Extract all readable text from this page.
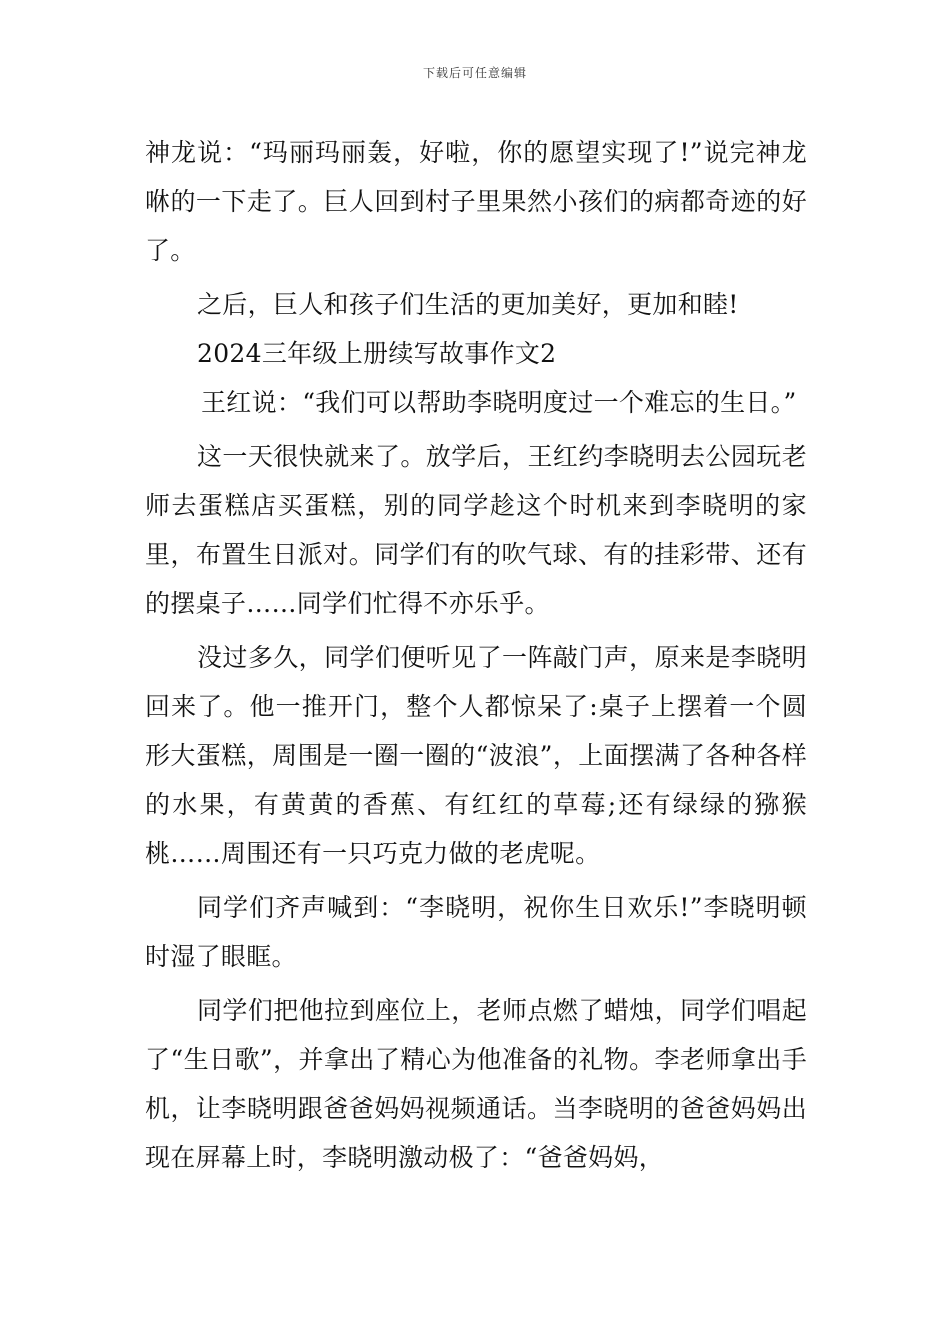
下载后可任意编辑

神龙说：“玛丽玛丽轰，好啦，你的愿望实现了!”说完神龙咻的一下走了。巨人回到村子里果然小孩们的病都奇迹的好了。

之后，巨人和孩子们生活的更加美好，更加和睦!

2024三年级上册续写故事作文2

王红说：“我们可以帮助李晓明度过一个难忘的生日。”

这一天很快就来了。放学后，王红约李晓明去公园玩老师去蛋糕店买蛋糕，别的同学趁这个时机来到李晓明的家里，布置生日派对。同学们有的吹气球、有的挂彩带、还有的摆桌子……同学们忙得不亦乐乎。

没过多久，同学们便听见了一阵敲门声，原来是李晓明回来了。他一推开门，整个人都惊呆了:桌子上摆着一个圆形大蛋糕，周围是一圈一圈的“波浪”，上面摆满了各种各样的水果，有黄黄的香蕉、有红红的草莓;还有绿绿的猕猴桃……周围还有一只巧克力做的老虎呢。

同学们齐声喊到：“李晓明，祝你生日欢乐!”李晓明顿时湿了眼眶。

同学们把他拉到座位上，老师点燃了蜡烛，同学们唱起了“生日歌”，并拿出了精心为他准备的礼物。李老师拿出手机，让李晓明跟爸爸妈妈视频通话。当李晓明的爸爸妈妈出现在屏幕上时，李晓明激动极了：“爸爸妈妈，
